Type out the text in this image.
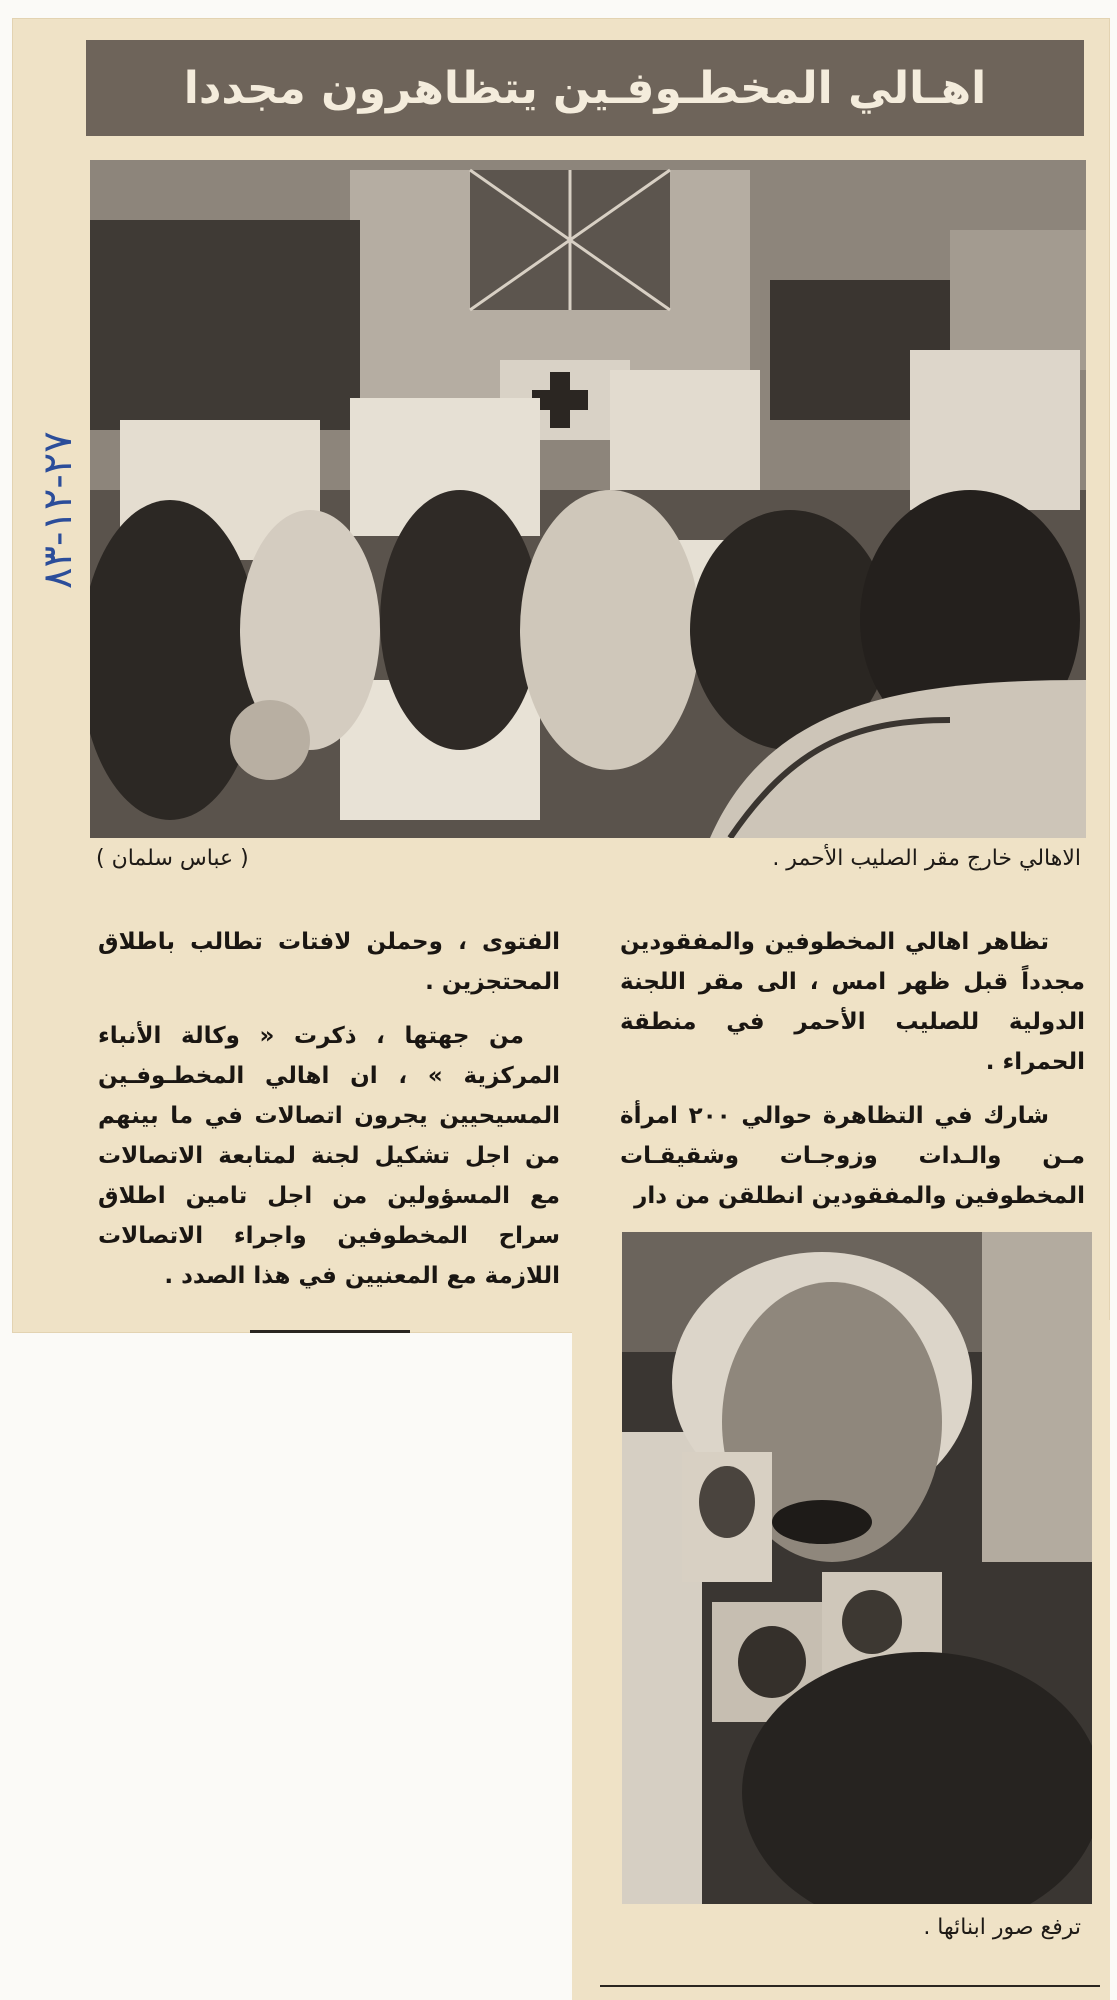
اهـالي المخطـوفـين يتظاهرون مجددا
٢٧-١٢-٨٣
الاهالي خارج مقر الصليب الأحمر .
( عباس سلمان )

تظاهر اهالي المخطوفين والمفقودين مجدداً قبل ظهر امس ، الى مقر اللجنة الدولية للصليب الأحمر في منطقة الحمراء .

شارك في التظاهرة حوالي ٢٠٠ امرأة مـن والـدات وزوجـات وشقيقـات المخطوفين والمفقودين انطلقن من دار

الفتوى ، وحملن لافتات تطالب باطلاق المحتجزين .

من جهتها ، ذكرت « وكالة الأنباء المركزية » ، ان اهالي المخطـوفـين المسيحيين يجرون اتصالات في ما بينهم من اجل تشكيل لجنة لمتابعة الاتصالات مع المسؤولين من اجل تامين اطلاق سراح المخطوفين واجراء الاتصالات اللازمة مع المعنيين في هذا الصدد .

ترفع صور ابنائها .
